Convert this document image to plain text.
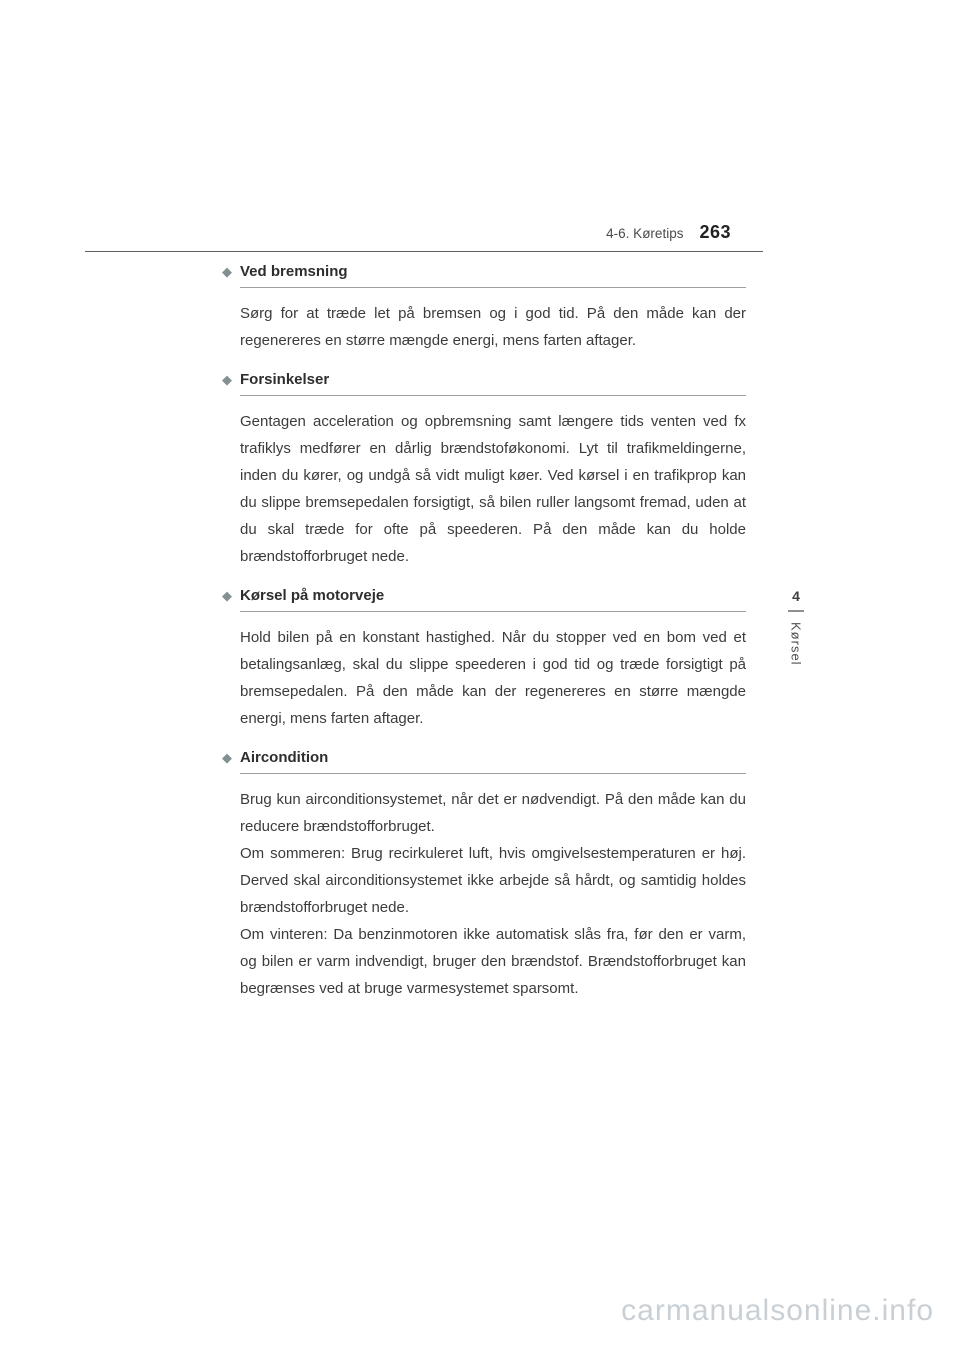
4-6. Køretips 263
◆ Ved bremsning

Sørg for at træde let på bremsen og i god tid. På den måde kan der regenereres en større mængde energi, mens farten aftager.

◆ Forsinkelser

Gentagen acceleration og opbremsning samt længere tids venten ved fx trafiklys medfører en dårlig brændstoføkonomi. Lyt til trafikmeldingerne, inden du kører, og undgå så vidt muligt køer. Ved kørsel i en trafikprop kan du slippe bremsepedalen forsigtigt, så bilen ruller langsomt fremad, uden at du skal træde for ofte på speederen. På den måde kan du holde brændstofforbruget nede.

◆ Kørsel på motorveje

Hold bilen på en konstant hastighed. Når du stopper ved en bom ved et betalingsanlæg, skal du slippe speederen i god tid og træde forsigtigt på bremsepedalen. På den måde kan der regenereres en større mængde energi, mens farten aftager.

◆ Aircondition

Brug kun airconditionsystemet, når det er nødvendigt. På den måde kan du reducere brændstofforbruget.

Om sommeren: Brug recirkuleret luft, hvis omgivelsestemperaturen er høj. Derved skal airconditionsystemet ikke arbejde så hårdt, og samtidig holdes brændstofforbruget nede.

Om vinteren: Da benzinmotoren ikke automatisk slås fra, før den er varm, og bilen er varm indvendigt, bruger den brændstof. Brændstofforbruget kan begrænses ved at bruge varmesystemet sparsomt.

4
Kørsel
carmanualsonline.info
